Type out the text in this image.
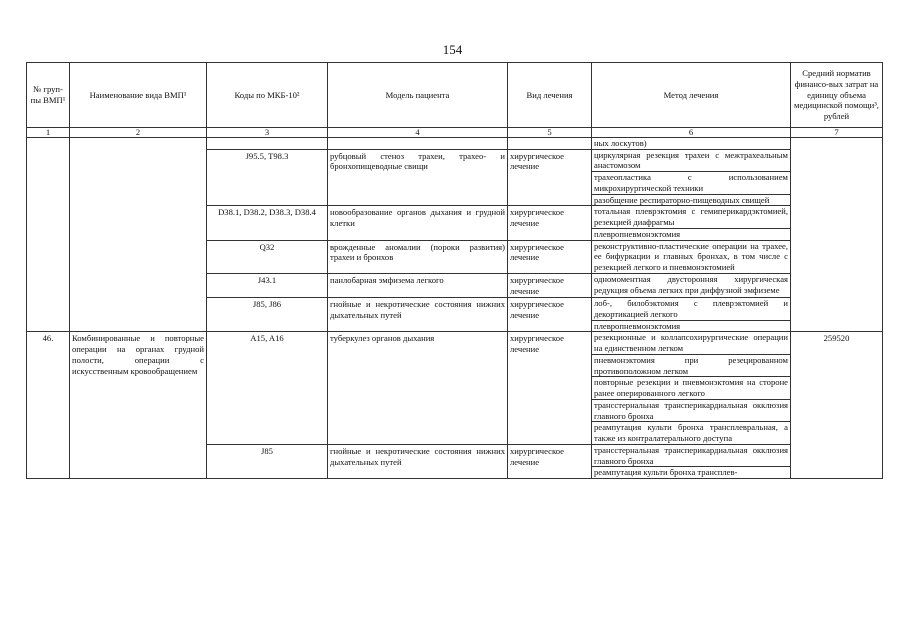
154
№ груп-
пы ВМП¹	Наименование вида ВМП¹	Коды по МКБ-10²	Модель пациента	Вид лечения	Метод лечения	Средний норматив финансо-вых затрат на единицу объема медицинской помощи³, рублей
1	2	3	4	5	6	7

					ных лоскутов)	

		J95.5, T98.3	рубцовый стеноз трахеи, трахео- и бронхопищеводные свищи	хирургическое лечение	циркулярная резекция трахеи с межтрахеальным анастомозом
трахеопластика с использованием микрохирургической техники
разобщение респираторно-пищеводных свищей	

		D38.1, D38.2, D38.3, D38.4	новообразование органов дыхания и грудной клетки	хирургическое лечение	тотальная плеврэктомия с гемиперикардэктомией, резекцией диафрагмы
плевропневмонэктомия	

		Q32	врожденные аномалии (пороки развития) трахеи и бронхов	хирургическое лечение	реконструктивно-пластические операции на трахее, ее бифуркации и главных бронхах, в том числе с резекцией легкого и пневмонэктомией	

		J43.1	панлобарная эмфизема легкого	хирургическое лечение	одномоментная двусторонняя хирургическая редукция объема легких при диффузной эмфиземе	

		J85, J86	гнойные и некротические состояния нижних дыхательных путей	хирургическое лечение	лоб-, билобэктомия с плеврэктомией и декортикацией легкого
плевропневмонэктомия	

46.	Комбинированные и повторные операции на органах грудной полости, операции с искусственным кровообращением	A15, A16	туберкулез органов дыхания	хирургическое лечение	резекционные и коллапсохирургические операции на единственном легком
пневмонэктомия при резецированном противоположном легком
повторные резекции и пневмонэктомия на стороне ранее оперированного легкого
трансстернальная трансперикардиальная окклюзия главного бронха
реампутация культи бронха трансплевральная, а также из контралатерального доступа	259520
		J85	гнойные и некротические состояния нижних дыхательных путей	хирургическое лечение	трансстернальная трансперикардиальная окклюзия главного бронха
реампутация культи бронха трансплев-	
